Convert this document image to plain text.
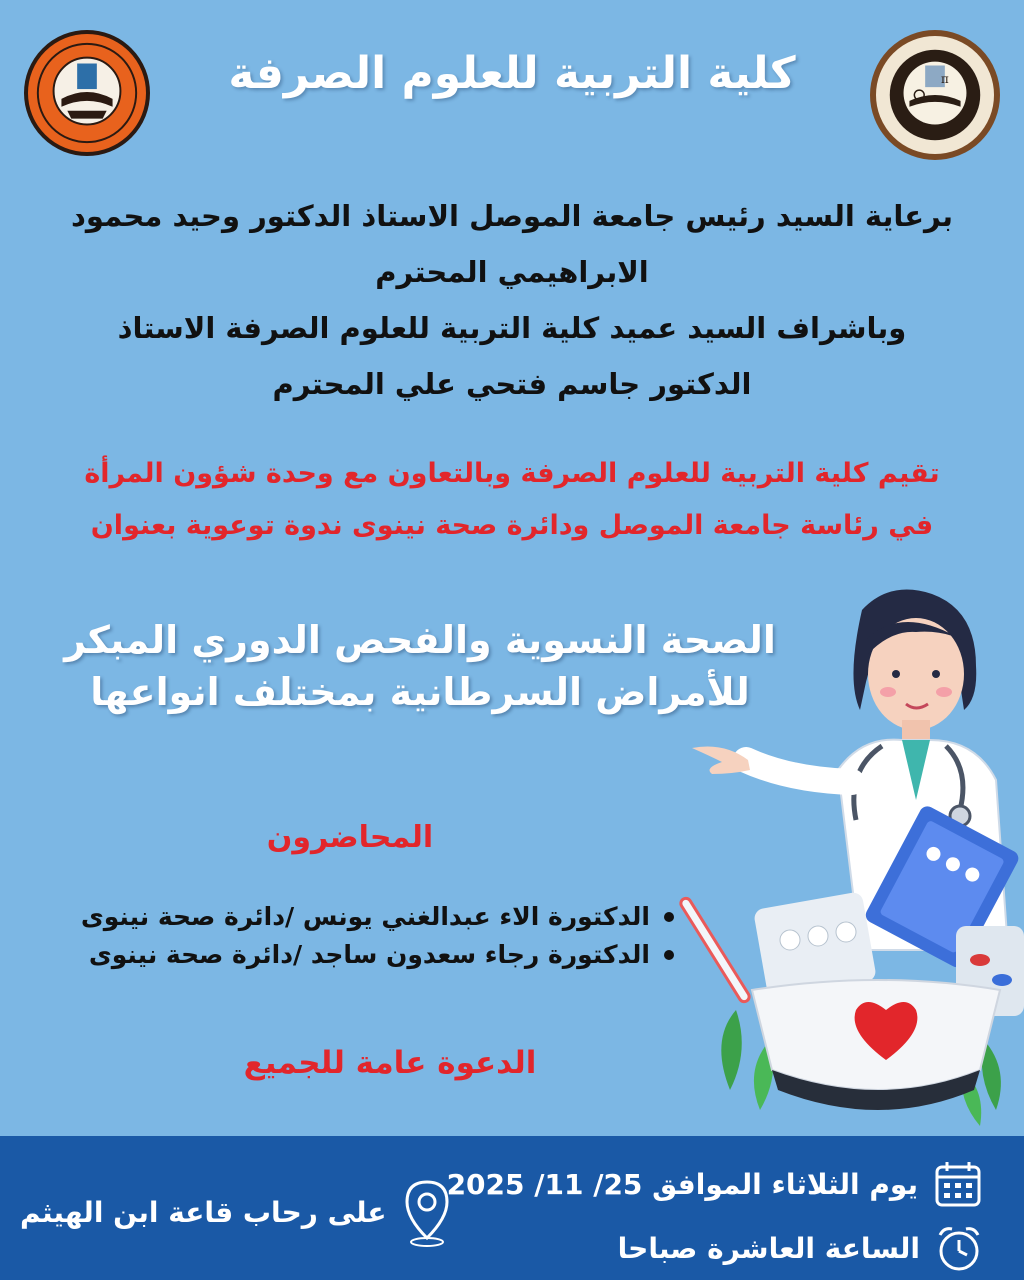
π
كلية التربية للعلوم الصرفة
برعاية السيد رئيس جامعة الموصل الاستاذ الدكتور وحيد محمود
الابراهيمي المحترم
وباشراف السيد عميد كلية التربية للعلوم الصرفة الاستاذ
الدكتور جاسم فتحي علي المحترم
تقيم كلية التربية للعلوم الصرفة وبالتعاون مع وحدة شؤون المرأة
في رئاسة جامعة الموصل ودائرة صحة نينوى ندوة توعوية بعنوان
الصحة النسوية والفحص الدوري المبكر
للأمراض السرطانية بمختلف انواعها
المحاضرون
الدكتورة الاء عبدالغني يونس /دائرة صحة نينوى
الدكتورة رجاء سعدون ساجد /دائرة صحة نينوى
الدعوة عامة للجميع
يوم الثلاثاء الموافق 25/ 11/ 2025
الساعة العاشرة صباحا
على رحاب قاعة ابن الهيثم
